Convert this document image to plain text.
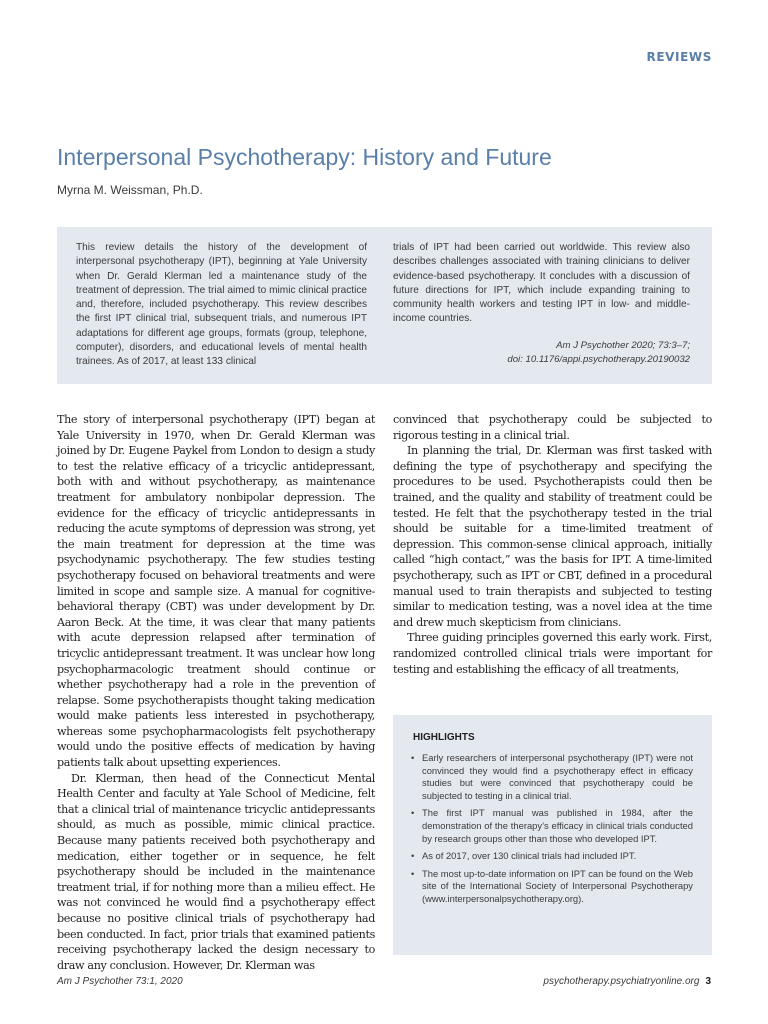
REVIEWS
Interpersonal Psychotherapy: History and Future
Myrna M. Weissman, Ph.D.

This review details the history of the development of interpersonal psychotherapy (IPT), beginning at Yale University when Dr. Gerald Klerman led a maintenance study of the treatment of depression. The trial aimed to mimic clinical practice and, therefore, included psychotherapy. This review describes the first IPT clinical trial, subsequent trials, and numerous IPT adaptations for different age groups, formats (group, telephone, computer), disorders, and educational levels of mental health trainees. As of 2017, at least 133 clinical

trials of IPT had been carried out worldwide. This review also describes challenges associated with training clinicians to deliver evidence-based psychotherapy. It concludes with a discussion of future directions for IPT, which include expanding training to community health workers and testing IPT in low- and middle-income countries.

Am J Psychother 2020; 73:3–7;
doi: 10.1176/appi.psychotherapy.20190032

The story of interpersonal psychotherapy (IPT) began at Yale University in 1970, when Dr. Gerald Klerman was joined by Dr. Eugene Paykel from London to design a study to test the relative efficacy of a tricyclic antidepressant, both with and without psychotherapy, as maintenance treatment for ambulatory nonbipolar depression. The evidence for the efficacy of tricyclic antidepressants in reducing the acute symptoms of depression was strong, yet the main treatment for depression at the time was psychodynamic psychotherapy. The few studies testing psychotherapy focused on behavioral treatments and were limited in scope and sample size. A manual for cognitive-behavioral therapy (CBT) was under development by Dr. Aaron Beck. At the time, it was clear that many patients with acute depression relapsed after termination of tricyclic antidepressant treatment. It was unclear how long psychopharmacologic treatment should continue or whether psychotherapy had a role in the prevention of relapse. Some psychotherapists thought taking medication would make patients less interested in psychotherapy, whereas some psychopharmacologists felt psychotherapy would undo the positive effects of medication by having patients talk about upsetting experiences.

Dr. Klerman, then head of the Connecticut Mental Health Center and faculty at Yale School of Medicine, felt that a clinical trial of maintenance tricyclic antidepressants should, as much as possible, mimic clinical practice. Because many patients received both psychotherapy and medication, either together or in sequence, he felt psychotherapy should be included in the maintenance treatment trial, if for nothing more than a milieu effect. He was not convinced he would find a psychotherapy effect because no positive clinical trials of psychotherapy had been conducted. In fact, prior trials that examined patients receiving psychotherapy lacked the design necessary to draw any conclusion. However, Dr. Klerman was

convinced that psychotherapy could be subjected to rigorous testing in a clinical trial.

In planning the trial, Dr. Klerman was first tasked with defining the type of psychotherapy and specifying the procedures to be used. Psychotherapists could then be trained, and the quality and stability of treatment could be tested. He felt that the psychotherapy tested in the trial should be suitable for a time-limited treatment of depression. This common-sense clinical approach, initially called “high contact,” was the basis for IPT. A time-limited psychotherapy, such as IPT or CBT, defined in a procedural manual used to train therapists and subjected to testing similar to medication testing, was a novel idea at the time and drew much skepticism from clinicians.

Three guiding principles governed this early work. First, randomized controlled clinical trials were important for testing and establishing the efficacy of all treatments,

HIGHLIGHTS
• Early researchers of interpersonal psychotherapy (IPT) were not convinced they would find a psychotherapy effect in efficacy studies but were convinced that psychotherapy could be subjected to testing in a clinical trial.
• The first IPT manual was published in 1984, after the demonstration of the therapy’s efficacy in clinical trials conducted by research groups other than those who developed IPT.
• As of 2017, over 130 clinical trials had included IPT.
• The most up-to-date information on IPT can be found on the Web site of the International Society of Interpersonal Psychotherapy (www.interpersonalpsychotherapy.org).
Am J Psychother 73:1, 2020	psychotherapy.psychiatryonline.org 3
